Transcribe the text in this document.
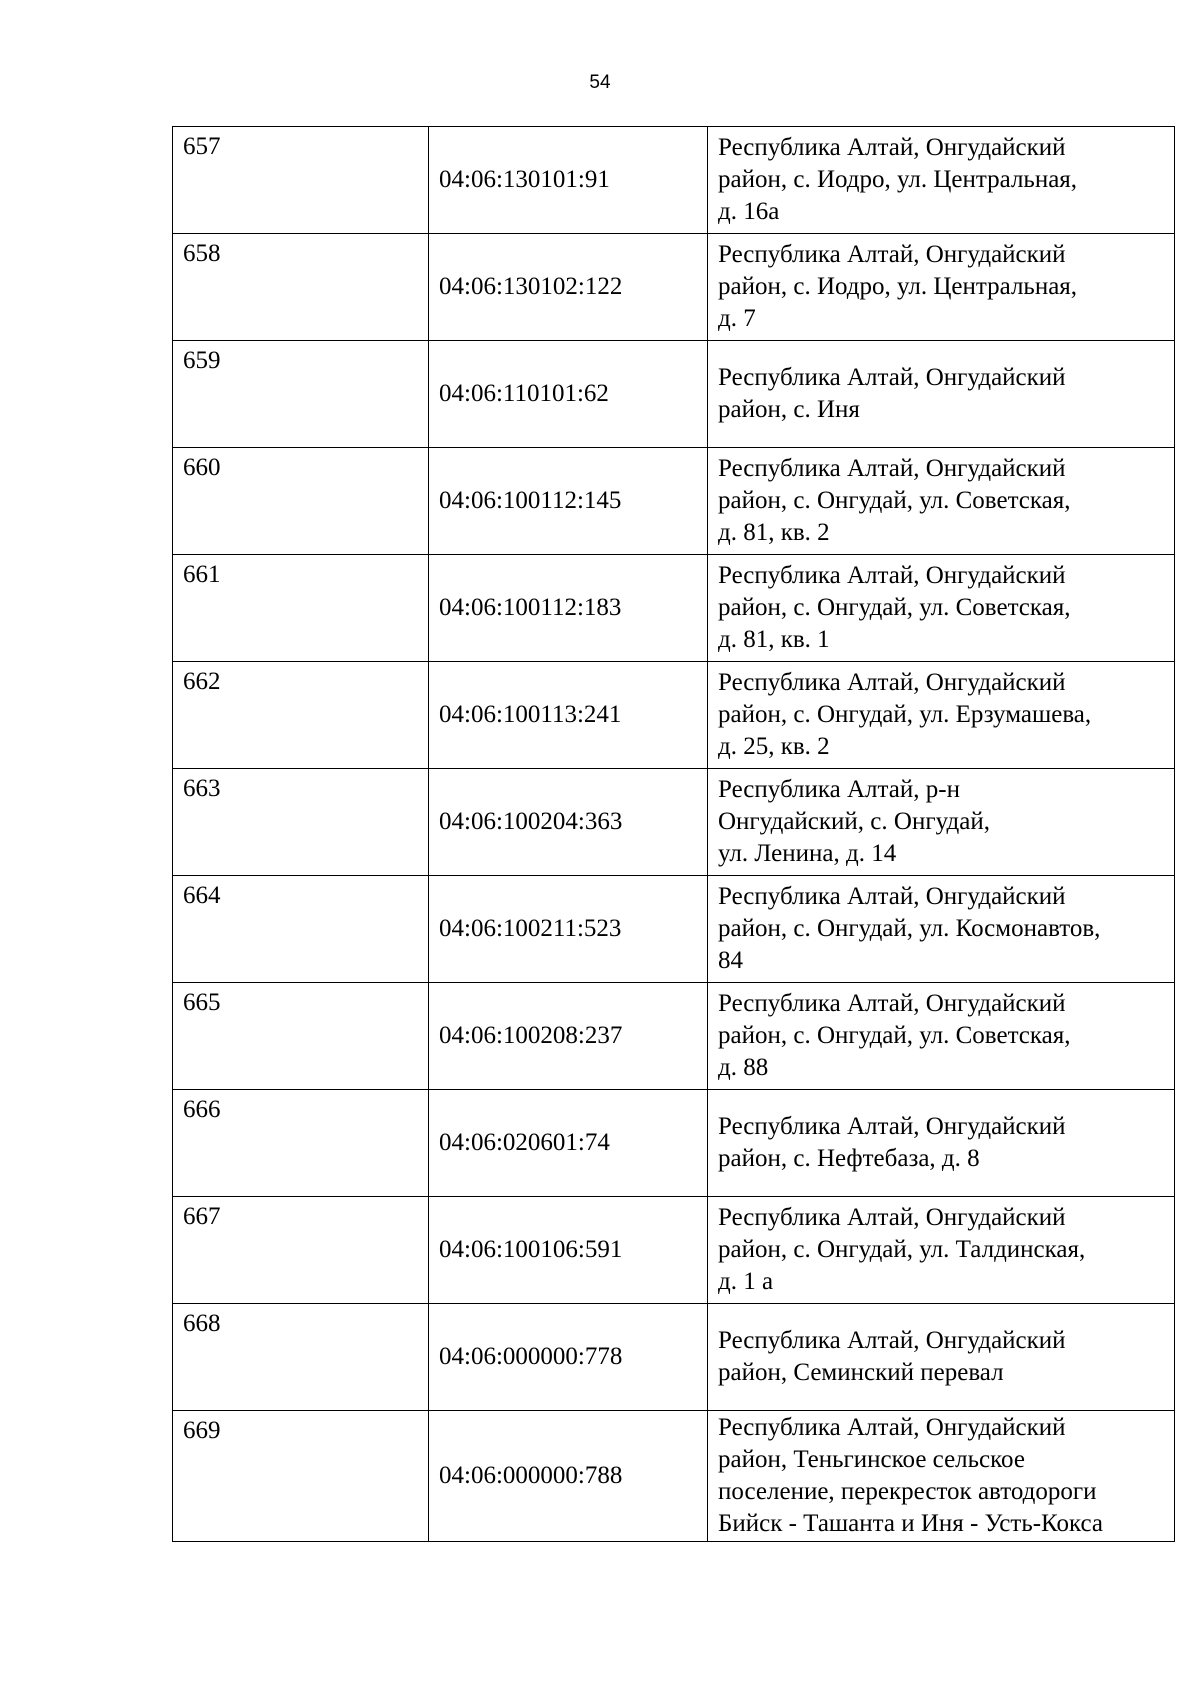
54
657	04:06:130101:91	Республика Алтай, Онгудайский
район, с. Иодро, ул. Центральная,
д. 16а

658	04:06:130102:122	Республика Алтай, Онгудайский
район, с. Иодро, ул. Центральная,
д. 7

659	04:06:110101:62	Республика Алтай, Онгудайский
район, с. Иня

660	04:06:100112:145	Республика Алтай, Онгудайский
район, с. Онгудай, ул. Советская,
д. 81, кв. 2

661	04:06:100112:183	Республика Алтай, Онгудайский
район, с. Онгудай, ул. Советская,
д. 81, кв. 1

662	04:06:100113:241	Республика Алтай, Онгудайский
район, с. Онгудай, ул. Ерзумашева,
д. 25, кв. 2

663	04:06:100204:363	Республика Алтай, р-н
Онгудайский, с. Онгудай,
ул. Ленина, д. 14

664	04:06:100211:523	Республика Алтай, Онгудайский
район, с. Онгудай, ул. Космонавтов,
84

665	04:06:100208:237	Республика Алтай, Онгудайский
район, с. Онгудай, ул. Советская,
д. 88

666	04:06:020601:74	Республика Алтай, Онгудайский
район, с. Нефтебаза, д. 8

667	04:06:100106:591	Республика Алтай, Онгудайский
район, с. Онгудай, ул. Талдинская,
д. 1 а

668	04:06:000000:778	Республика Алтай, Онгудайский
район, Семинский перевал

669	04:06:000000:788	Республика Алтай, Онгудайский
район, Теньгинское сельское
поселение, перекресток автодороги
Бийск - Ташанта и Иня - Усть-Кокса
